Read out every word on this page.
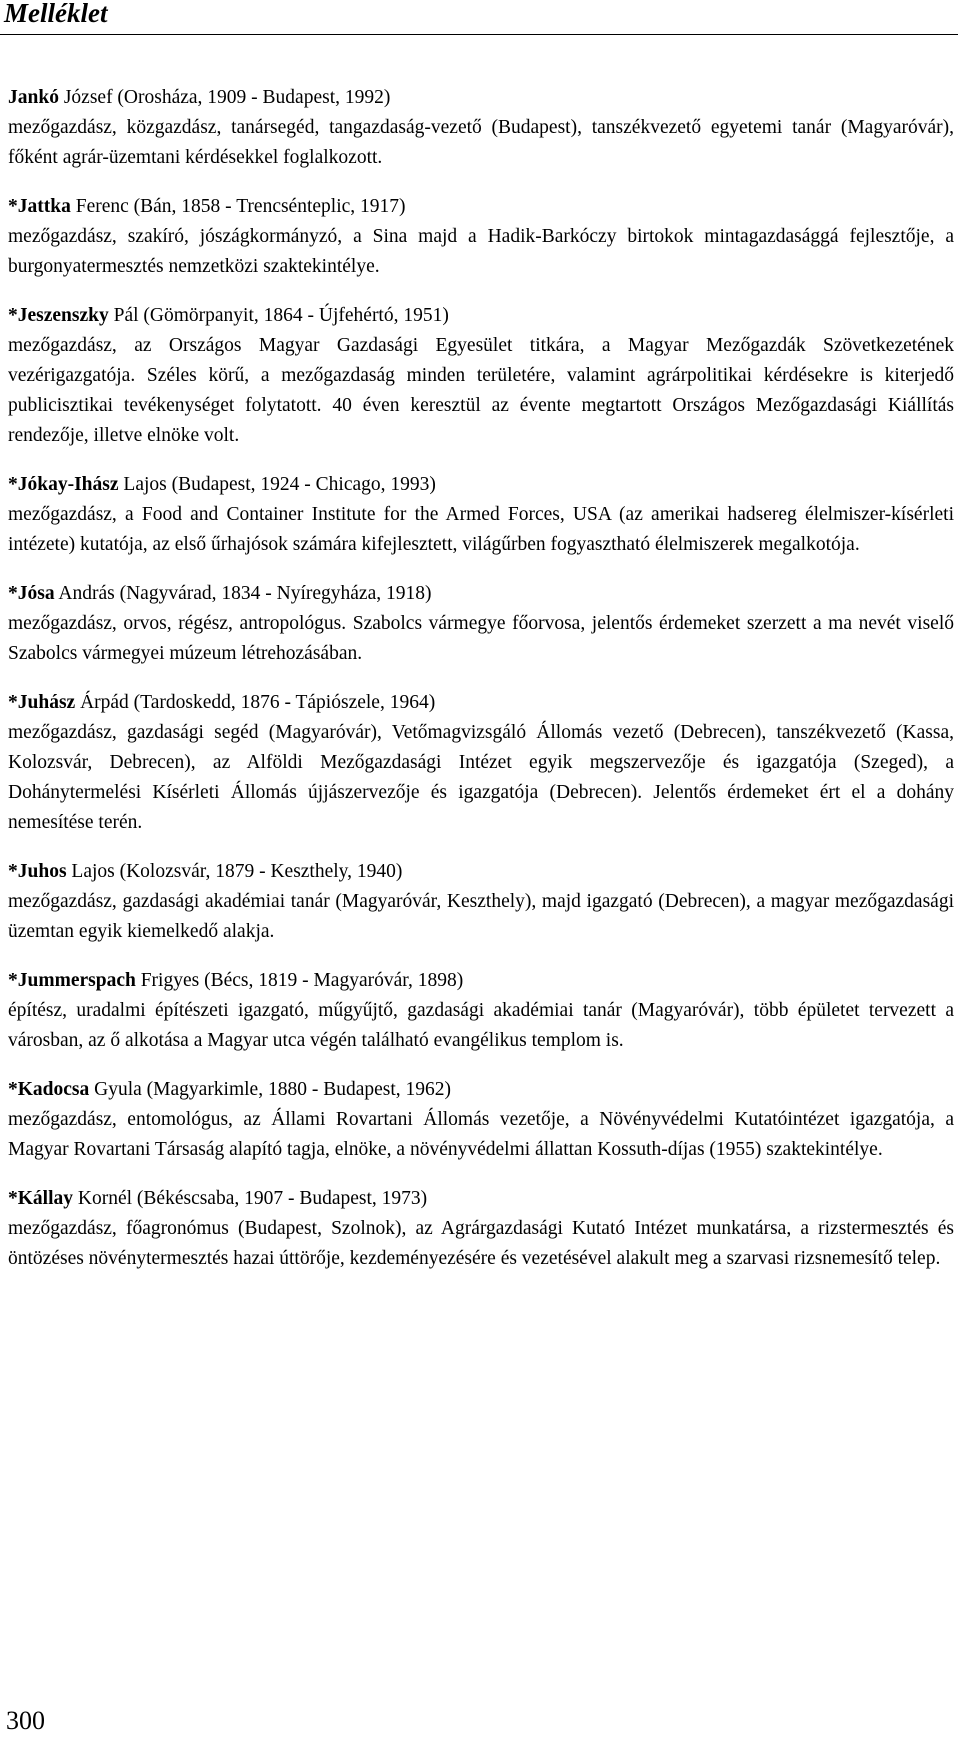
Melléklet
Jankó József (Orosháza, 1909 - Budapest, 1992)
mezőgazdász, közgazdász, tanársegéd, tangazdaság-vezető (Budapest), tanszékvezető egyetemi tanár (Magyaróvár), főként agrár-üzemtani kérdésekkel foglalkozott.
*Jattka Ferenc (Bán, 1858 - Trencsénteplic, 1917)
mezőgazdász, szakíró, jószágkormányzó, a Sina majd a Hadik-Barkóczy birtokok mintagazdasággá fejlesztője, a burgonyatermesztés nemzetközi szaktekintélye.
*Jeszenszky Pál (Gömörpanyit, 1864 - Újfehértó, 1951)
mezőgazdász, az Országos Magyar Gazdasági Egyesület titkára, a Magyar Mezőgazdák Szövetkezetének vezérigazgatója. Széles körű, a mezőgazdaság minden területére, valamint agrárpolitikai kérdésekre is kiterjedő publicisztikai tevékenységet folytatott. 40 éven keresztül az évente megtartott Országos Mezőgazdasági Kiállítás rendezője, illetve elnöke volt.
*Jókay-Ihász Lajos (Budapest, 1924 - Chicago, 1993)
mezőgazdász, a Food and Container Institute for the Armed Forces, USA (az amerikai hadsereg élelmiszer-kísérleti intézete) kutatója, az első űrhajósok számára kifejlesztett, világűrben fogyasztható élelmiszerek megalkotója.
*Jósa András (Nagyvárad, 1834 - Nyíregyháza, 1918)
mezőgazdász, orvos, régész, antropológus. Szabolcs vármegye főorvosa, jelentős érdemeket szerzett a ma nevét viselő Szabolcs vármegyei múzeum létrehozásában.
*Juhász Árpád (Tardoskedd, 1876 - Tápiószele, 1964)
mezőgazdász, gazdasági segéd (Magyaróvár), Vetőmagvizsgáló Állomás vezető (Debrecen), tanszékvezető (Kassa, Kolozsvár, Debrecen), az Alföldi Mezőgazdasági Intézet egyik megszervezője és igazgatója (Szeged), a Dohánytermelési Kísérleti Állomás újjászervezője és igazgatója (Debrecen). Jelentős érdemeket ért el a dohány nemesítése terén.
*Juhos Lajos (Kolozsvár, 1879 - Keszthely, 1940)
mezőgazdász, gazdasági akadémiai tanár (Magyaróvár, Keszthely), majd igazgató (Debrecen), a magyar mezőgazdasági üzemtan egyik kiemelkedő alakja.
*Jummerspach Frigyes (Bécs, 1819 - Magyaróvár, 1898)
építész, uradalmi építészeti igazgató, műgyűjtő, gazdasági akadémiai tanár (Magyaróvár), több épületet tervezett a városban, az ő alkotása a Magyar utca végén található evangélikus templom is.
*Kadocsa Gyula (Magyarkimle, 1880 - Budapest, 1962)
mezőgazdász, entomológus, az Állami Rovartani Állomás vezetője, a Növényvédelmi Kutatóintézet igazgatója, a Magyar Rovartani Társaság alapító tagja, elnöke, a növényvédelmi állattan Kossuth-díjas (1955) szaktekintélye.
*Kállay Kornél (Békéscsaba, 1907 - Budapest, 1973)
mezőgazdász, főagronómus (Budapest, Szolnok), az Agrárgazdasági Kutató Intézet munkatársa, a rizstermesztés és öntözéses növénytermesztés hazai úttörője, kezdeményezésére és vezetésével alakult meg a szarvasi rizsnemesítő telep.
300
